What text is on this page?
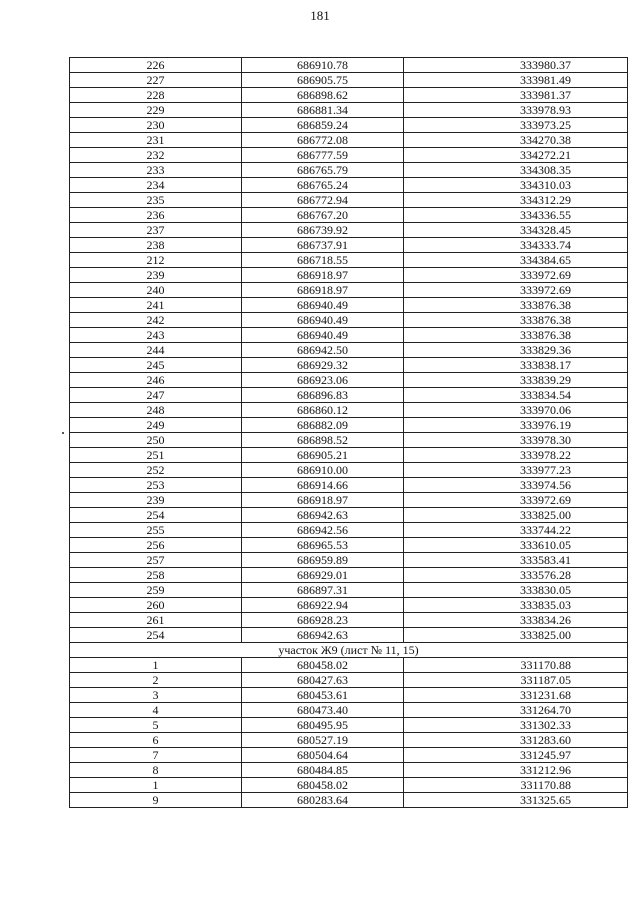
181
226	686910.78	333980.37
227	686905.75	333981.49
228	686898.62	333981.37
229	686881.34	333978.93
230	686859.24	333973.25
231	686772.08	334270.38
232	686777.59	334272.21
233	686765.79	334308.35
234	686765.24	334310.03
235	686772.94	334312.29
236	686767.20	334336.55
237	686739.92	334328.45
238	686737.91	334333.74
212	686718.55	334384.65
239	686918.97	333972.69
240	686918.97	333972.69
241	686940.49	333876.38
242	686940.49	333876.38
243	686940.49	333876.38
244	686942.50	333829.36
245	686929.32	333838.17
246	686923.06	333839.29
247	686896.83	333834.54
248	686860.12	333970.06
249	686882.09	333976.19
250	686898.52	333978.30
251	686905.21	333978.22
252	686910.00	333977.23
253	686914.66	333974.56
239	686918.97	333972.69
254	686942.63	333825.00
255	686942.56	333744.22
256	686965.53	333610.05
257	686959.89	333583.41
258	686929.01	333576.28
259	686897.31	333830.05
260	686922.94	333835.03
261	686928.23	333834.26
254	686942.63	333825.00
участок Ж9 (лист № 11, 15)		
1	680458.02	331170.88
2	680427.63	331187.05
3	680453.61	331231.68
4	680473.40	331264.70
5	680495.95	331302.33
6	680527.19	331283.60
7	680504.64	331245.97
8	680484.85	331212.96
1	680458.02	331170.88
9	680283.64	331325.65
